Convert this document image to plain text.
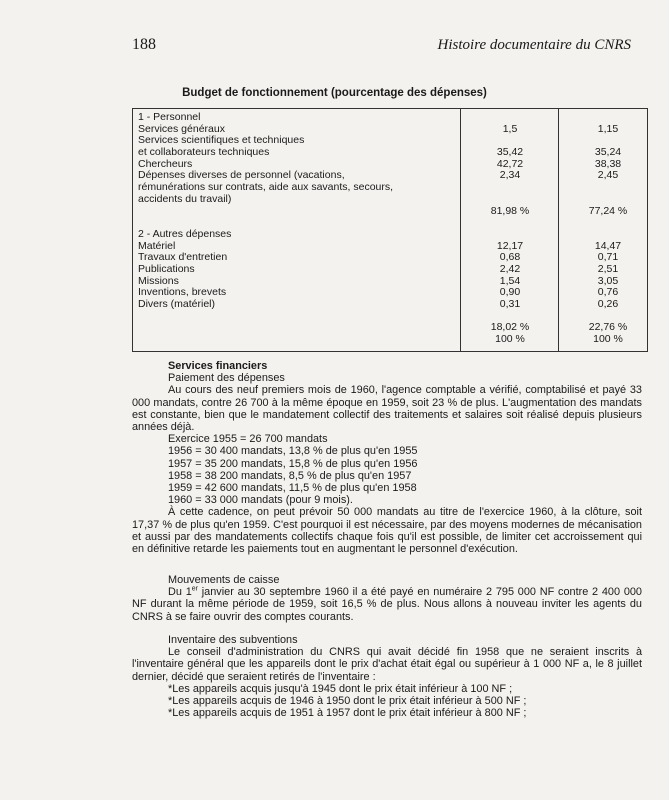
188	Histoire documentaire du CNRS
Budget de fonctionnement (pourcentage des dépenses)
1 - Personnel
Services généraux
Services scientifiques et techniques
et collaborateurs techniques
Chercheurs
Dépenses diverses de personnel (vacations,
rémunérations sur contrats, aide aux savants, secours,
accidents du travail)
2 - Autres dépenses
Matériel
Travaux d'entretien
Publications
Missions
Inventions, brevets
Divers (matériel)
1,5
35,42
42,72
2,34
81,98 %
12,17
0,68
2,42
1,54
0,90
0,31
18,02 %
100 %
1,15
35,24
38,38
2,45
77,24 %
14,47
0,71
2,51
3,05
0,76
0,26
22,76 %
100 %
Services financiers
Paiement des dépenses

Au cours des neuf premiers mois de 1960, l'agence comptable a vérifié, comptabilisé et payé 33 000 mandats, contre 26 700 à la même époque en 1959, soit 23 % de plus. L'augmentation des mandats est constante, bien que le mandatement collectif des traitements et salaires soit réalisé depuis plusieurs années déjà.

Exercice 1955 = 26 700 mandats
1956 = 30 400 mandats, 13,8 % de plus qu'en 1955
1957 = 35 200 mandats, 15,8 % de plus qu'en 1956
1958 = 38 200 mandats, 8,5 % de plus qu'en 1957
1959 = 42 600 mandats, 11,5 % de plus qu'en 1958
1960 = 33 000 mandats (pour 9 mois).

À cette cadence, on peut prévoir 50 000 mandats au titre de l'exercice 1960, à la clôture, soit 17,37 % de plus qu'en 1959. C'est pourquoi il est nécessaire, par des moyens modernes de mécanisation et aussi par des mandatements collectifs chaque fois qu'il est possible, de limiter cet accroissement qui en définitive retarde les paiements tout en augmentant le personnel d'exécution.

Mouvements de caisse

Du 1er janvier au 30 septembre 1960 il a été payé en numéraire 2 795 000 NF contre 2 400 000 NF durant la même période de 1959, soit 16,5 % de plus. Nous allons à nouveau inviter les agents du CNRS à se faire ouvrir des comptes courants.

Inventaire des subventions

Le conseil d'administration du CNRS qui avait décidé fin 1958 que ne seraient inscrits à l'inventaire général que les appareils dont le prix d'achat était égal ou supérieur à 1 000 NF a, le 8 juillet dernier, décidé que seraient retirés de l'inventaire :

*Les appareils acquis jusqu'à 1945 dont le prix était inférieur à 100 NF ;
*Les appareils acquis de 1946 à 1950 dont le prix était inférieur à 500 NF ;
*Les appareils acquis de 1951 à 1957 dont le prix était inférieur à 800 NF ;
